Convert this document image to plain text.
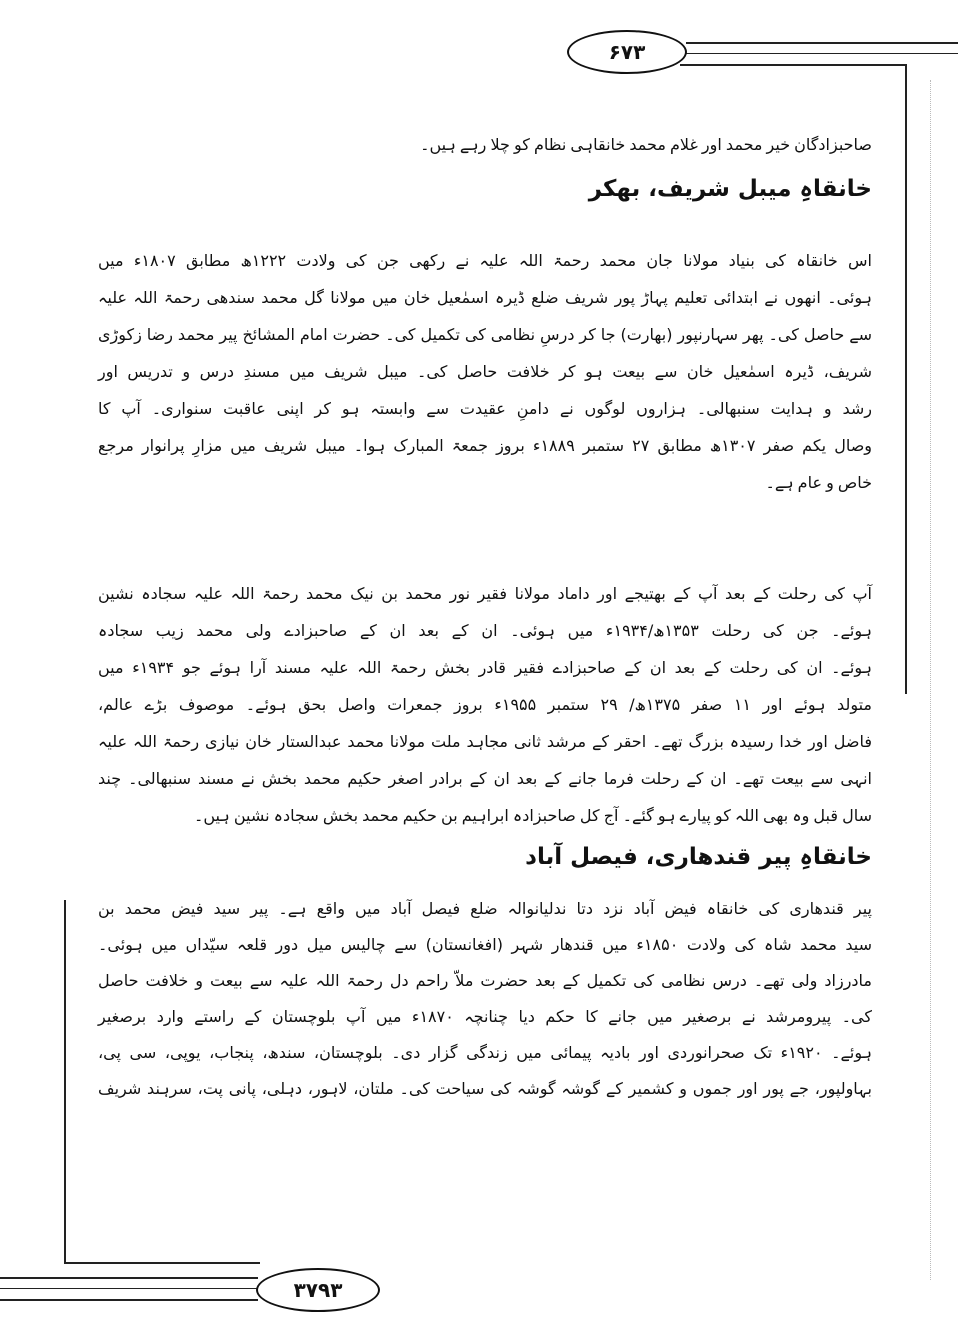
۶۷۳
۳۷۹۳
صاحبزادگان خیر محمد اور غلام محمد خانقاہی نظام کو چلا رہے ہیں۔
خانقاہِ میبل شریف، بھکر
اس خانقاہ کی بنیاد مولانا جان محمد رحمۃ اللہ علیہ نے رکھی جن کی ولادت ۱۲۲۲ھ مطابق ۱۸۰۷ء میں
ہوئی۔ انھوں نے ابتدائی تعلیم پہاڑ پور شریف ضلع ڈیرہ اسمٰعیل خان میں مولانا گل محمد سندھی رحمۃ اللہ علیہ
سے حاصل کی۔ پھر سہارنپور (بھارت) جا کر درسِ نظامی کی تکمیل کی۔ حضرت امام المشائخ پیر محمد رضا زکوڑی
شریف، ڈیرہ اسمٰعیل خان سے بیعت ہو کر خلافت حاصل کی۔ میبل شریف میں مسندِ درس و تدریس اور
رشد و ہدایت سنبھالی۔ ہزاروں لوگوں نے دامنِ عقیدت سے وابستہ ہو کر اپنی عاقبت سنواری۔ آپ کا
وصال یکم صفر ۱۳۰۷ھ مطابق ۲۷ ستمبر ۱۸۸۹ء بروز جمعۃ المبارک ہوا۔ میبل شریف میں مزارِ پرانوار مرجع
خاص و عام ہے۔
آپ کی رحلت کے بعد آپ کے بھتیجے اور داماد مولانا فقیر نور محمد بن نیک محمد رحمۃ اللہ علیہ سجادہ نشین
ہوئے۔ جن کی رحلت ۱۳۵۳ھ/۱۹۳۴ء میں ہوئی۔ ان کے بعد ان کے صاحبزادے ولی محمد زیب سجادہ
ہوئے۔ ان کی رحلت کے بعد ان کے صاحبزادے فقیر قادر بخش رحمۃ اللہ علیہ مسند آرا ہوئے جو ۱۹۳۴ء میں
متولد ہوئے اور ۱۱ صفر ۱۳۷۵ھ/ ۲۹ ستمبر ۱۹۵۵ء بروز جمعرات واصل بحق ہوئے۔ موصوف بڑے عالم،
فاضل اور خدا رسیدہ بزرگ تھے۔ احقر کے مرشد ثانی مجاہد ملت مولانا محمد عبدالستار خان نیازی رحمۃ اللہ علیہ
انہی سے بیعت تھے۔ ان کے رحلت فرما جانے کے بعد ان کے برادر اصغر حکیم محمد بخش نے مسند سنبھالی۔ چند
سال قبل وہ بھی اللہ کو پیارے ہو گئے۔ آج کل صاحبزادہ ابراہیم بن حکیم محمد بخش سجادہ نشین ہیں۔
خانقاہِ پیر قندھاری، فیصل آباد
پیر قندھاری کی خانقاہ فیض آباد نزد دتا ندلیانوالہ ضلع فیصل آباد میں واقع ہے۔ پیر سید فیض محمد بن
سید محمد شاہ کی ولادت ۱۸۵۰ء میں قندھار شہر (افغانستان) سے چالیس میل دور قلعہ سیّداں میں ہوئی۔
مادرزاد ولی تھے۔ درس نظامی کی تکمیل کے بعد حضرت ملاّ راحم دل رحمۃ اللہ علیہ سے بیعت و خلافت حاصل
کی۔ پیرومرشد نے برصغیر میں جانے کا حکم دیا چنانچہ ۱۸۷۰ء میں آپ بلوچستان کے راستے وارد برصغیر
ہوئے۔ ۱۹۲۰ء تک صحرانوردی اور بادیہ پیمائی میں زندگی گزار دی۔ بلوچستان، سندھ، پنجاب، یوپی، سی پی،
بہاولپور، جے پور اور جموں و کشمیر کے گوشہ گوشہ کی سیاحت کی۔ ملتان، لاہور، دہلی، پانی پت، سرہند شریف
